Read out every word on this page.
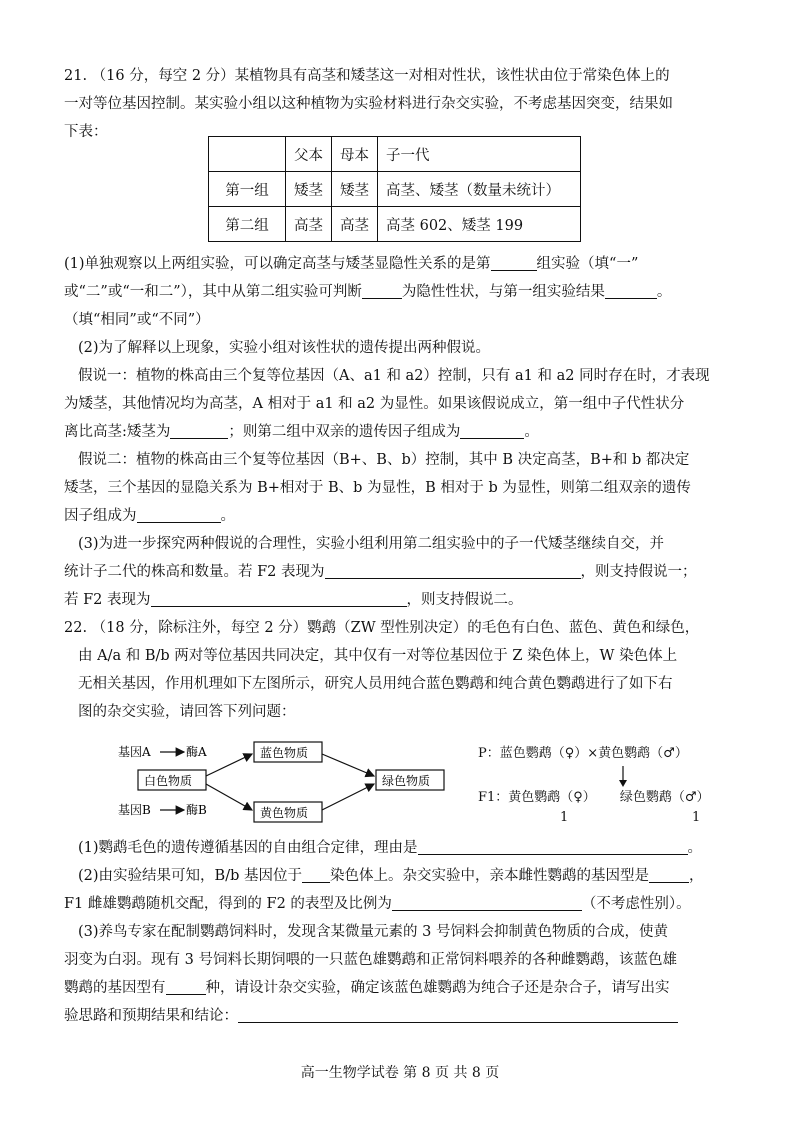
21. （16 分，每空 2 分）某植物具有高茎和矮茎这一对相对性状，该性状由位于常染色体上的

一对等位基因控制。某实验小组以这种植物为实验材料进行杂交实验，不考虑基因突变，结果如

下表：

	父本	母本	子一代
第一组	矮茎	矮茎	高茎、矮茎（数量未统计）
第二组	高茎	高茎	高茎 602、矮茎 199

(1)单独观察以上两组实验，可以确定高茎与矮茎显隐性关系的是第	组实验（填“一”

或“二”或“一和二”），其中从第二组实验可判断	为隐性性状，与第一组实验结果	。

（填“相同”或“不同”）

(2)为了解释以上现象，实验小组对该性状的遗传提出两种假说。

假说一：植物的株高由三个复等位基因（A、a1 和 a2）控制，只有 a1 和 a2 同时存在时，才表现

为矮茎，其他情况均为高茎，A 相对于 a1 和 a2 为显性。如果该假说成立，第一组中子代性状分

离比高茎:矮茎为	；则第二组中双亲的遗传因子组成为	。

假说二：植物的株高由三个复等位基因（B+、B、b）控制，其中 B 决定高茎，B+和 b 都决定

矮茎，三个基因的显隐关系为 B+相对于 B、b 为显性，B 相对于 b 为显性，则第二组双亲的遗传

因子组成为	。

(3)为进一步探究两种假说的合理性，实验小组利用第二组实验中的子一代矮茎继续自交，并

统计子二代的株高和数量。若 F2 表现为	，则支持假说一；

若 F2 表现为	，则支持假说二。

22. （18 分，除标注外，每空 2 分）鹦鹉（ZW 型性别决定）的毛色有白色、蓝色、黄色和绿色，

由 A/a 和 B/b 两对等位基因共同决定，其中仅有一对等位基因位于 Z 染色体上，W 染色体上

无相关基因，作用机理如下左图所示，研究人员用纯合蓝色鹦鹉和纯合黄色鹦鹉进行了如下右

图的杂交实验，请回答下列问题：

基因A	酶A
白色物质
蓝色物质
黄色物质
绿色物质
基因B	酶B
P：蓝色鹦鹉（♀）×黄色鹦鹉（♂）
F1：黄色鹦鹉（♀） 绿色鹦鹉（♂）
1	1

(1)鹦鹉毛色的遗传遵循基因的自由组合定律，理由是	。

(2)由实验结果可知，B/b 基因位于 染色体上。杂交实验中，亲本雌性鹦鹉的基因型是	，

F1 雌雄鹦鹉随机交配，得到的 F2 的表型及比例为	（不考虑性别）。

(3)养鸟专家在配制鹦鹉饲料时，发现含某微量元素的 3 号饲料会抑制黄色物质的合成，使黄

羽变为白羽。现有 3 号饲料长期饲喂的一只蓝色雄鹦鹉和正常饲料喂养的各种雌鹦鹉，该蓝色雄

鹦鹉的基因型有	种，请设计杂交实验，确定该蓝色雄鹦鹉为纯合子还是杂合子，请写出实

验思路和预期结果和结论：

高一生物学试卷 第 8 页 共 8 页
